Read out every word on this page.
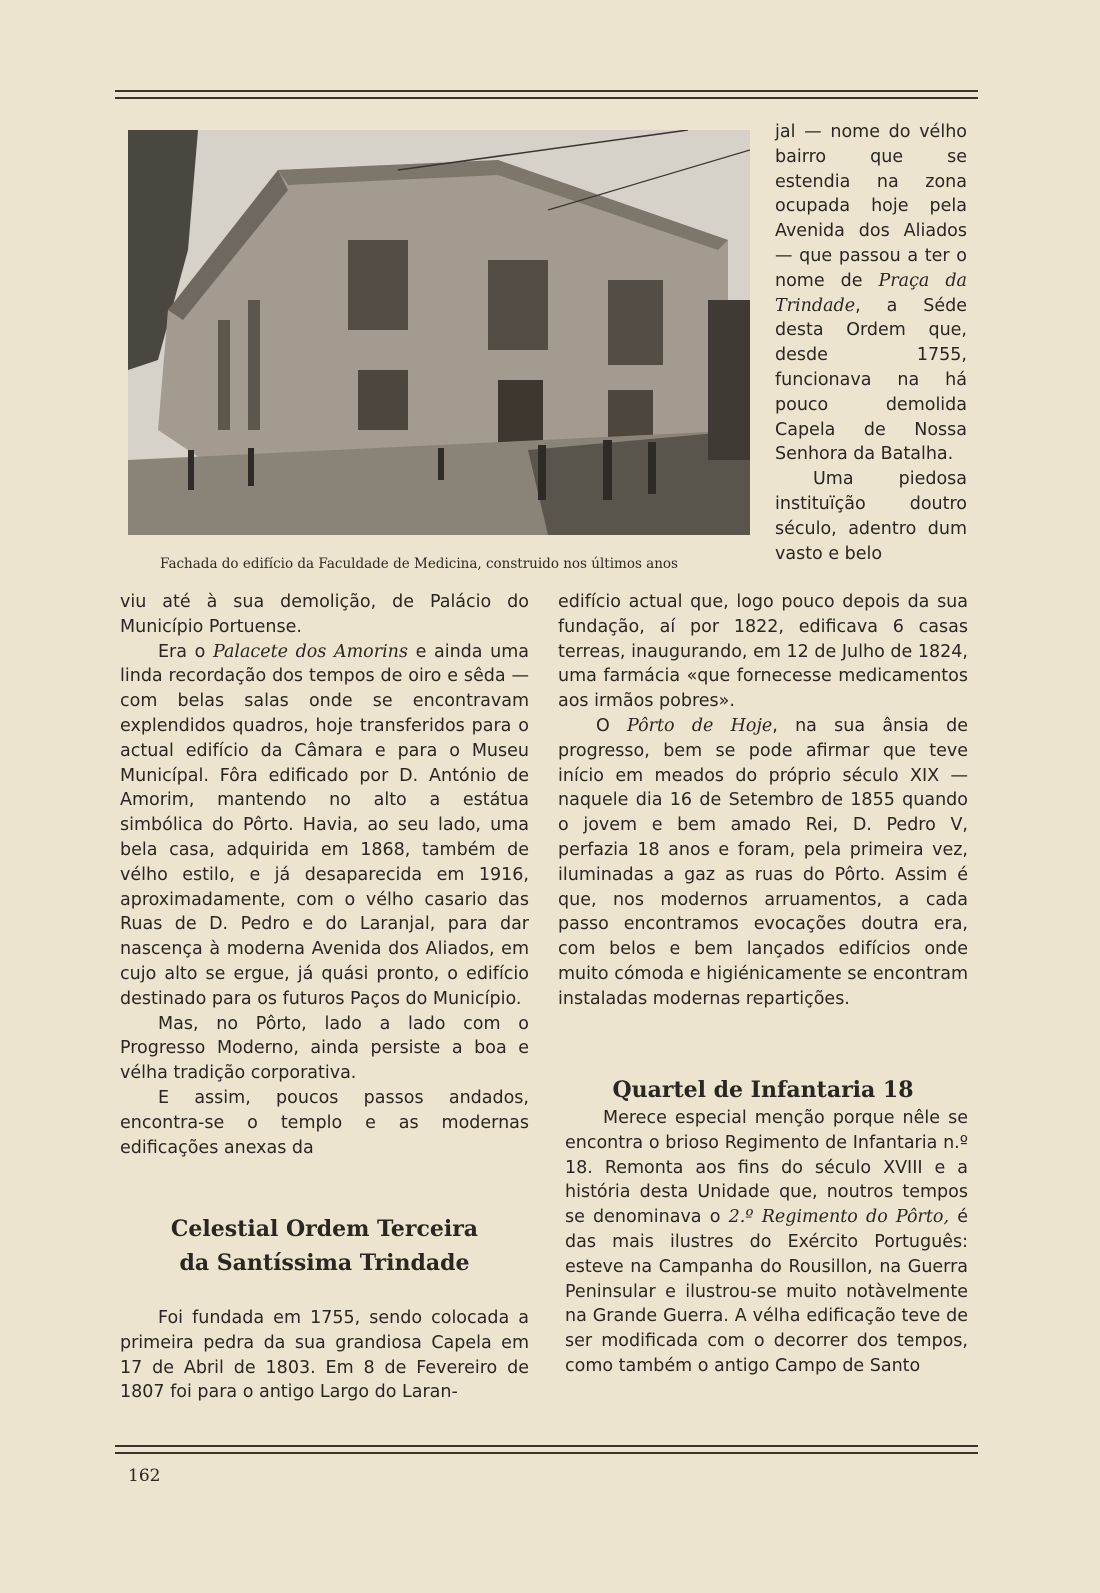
Fachada do edifício da Faculdade de Medicina, construido nos últimos anos

jal — nome do vélho bairro que se estendia na zona ocupada hoje pela Avenida dos Aliados — que passou a ter o nome de Praça da Trindade, a Séde desta Ordem que, desde 1755, funcionava na há pouco demolida Capela de Nossa Senhora da Batalha.

Uma piedosa instituïção doutro século, adentro dum vasto e belo

viu até à sua demolição, de Palácio do Município Portuense.

Era o Palacete dos Amorins e ainda uma linda recordação dos tempos de oiro e sêda — com belas salas onde se encontravam explendidos quadros, hoje transferidos para o actual edifício da Câmara e para o Museu Municípal. Fôra edificado por D. António de Amorim, mantendo no alto a estátua simbólica do Pôrto. Havia, ao seu lado, uma bela casa, adquirida em 1868, também de vélho estilo, e já desaparecida em 1916, aproximadamente, com o vélho casario das Ruas de D. Pedro e do Laranjal, para dar nascença à moderna Avenida dos Aliados, em cujo alto se ergue, já quási pronto, o edifício destinado para os futuros Paços do Município.

Mas, no Pôrto, lado a lado com o Progresso Moderno, ainda persiste a boa e vélha tradição corporativa.

E assim, poucos passos andados, encontra-se o templo e as modernas edificações anexas da

Celestial Ordem Terceira
da Santíssima Trindade

Foi fundada em 1755, sendo colocada a primeira pedra da sua grandiosa Capela em 17 de Abril de 1803. Em 8 de Fevereiro de 1807 foi para o antigo Largo do Laran-

edifício actual que, logo pouco depois da sua fundação, aí por 1822, edificava 6 casas terreas, inaugurando, em 12 de Julho de 1824, uma farmácia «que fornecesse medicamentos aos irmãos pobres».

O Pôrto de Hoje, na sua ânsia de progresso, bem se pode afirmar que teve início em meados do próprio século XIX — naquele dia 16 de Setembro de 1855 quando o jovem e bem amado Rei, D. Pedro V, perfazia 18 anos e foram, pela primeira vez, iluminadas a gaz as ruas do Pôrto. Assim é que, nos modernos arruamentos, a cada passo encontramos evocações doutra era, com belos e bem lançados edifícios onde muito cómoda e higiénicamente se encontram instaladas modernas repartições.

Quartel de Infantaria 18

Merece especial menção porque nêle se encontra o brioso Regimento de Infantaria n.º 18. Remonta aos fins do século XVIII e a história desta Unidade que, noutros tempos se denominava o 2.º Regimento do Pôrto, é das mais ilustres do Exército Português: esteve na Campanha do Rousillon, na Guerra Peninsular e ilustrou-se muito notàvelmente na Grande Guerra. A vélha edificação teve de ser modificada com o decorrer dos tempos, como também o antigo Campo de Santo

162
